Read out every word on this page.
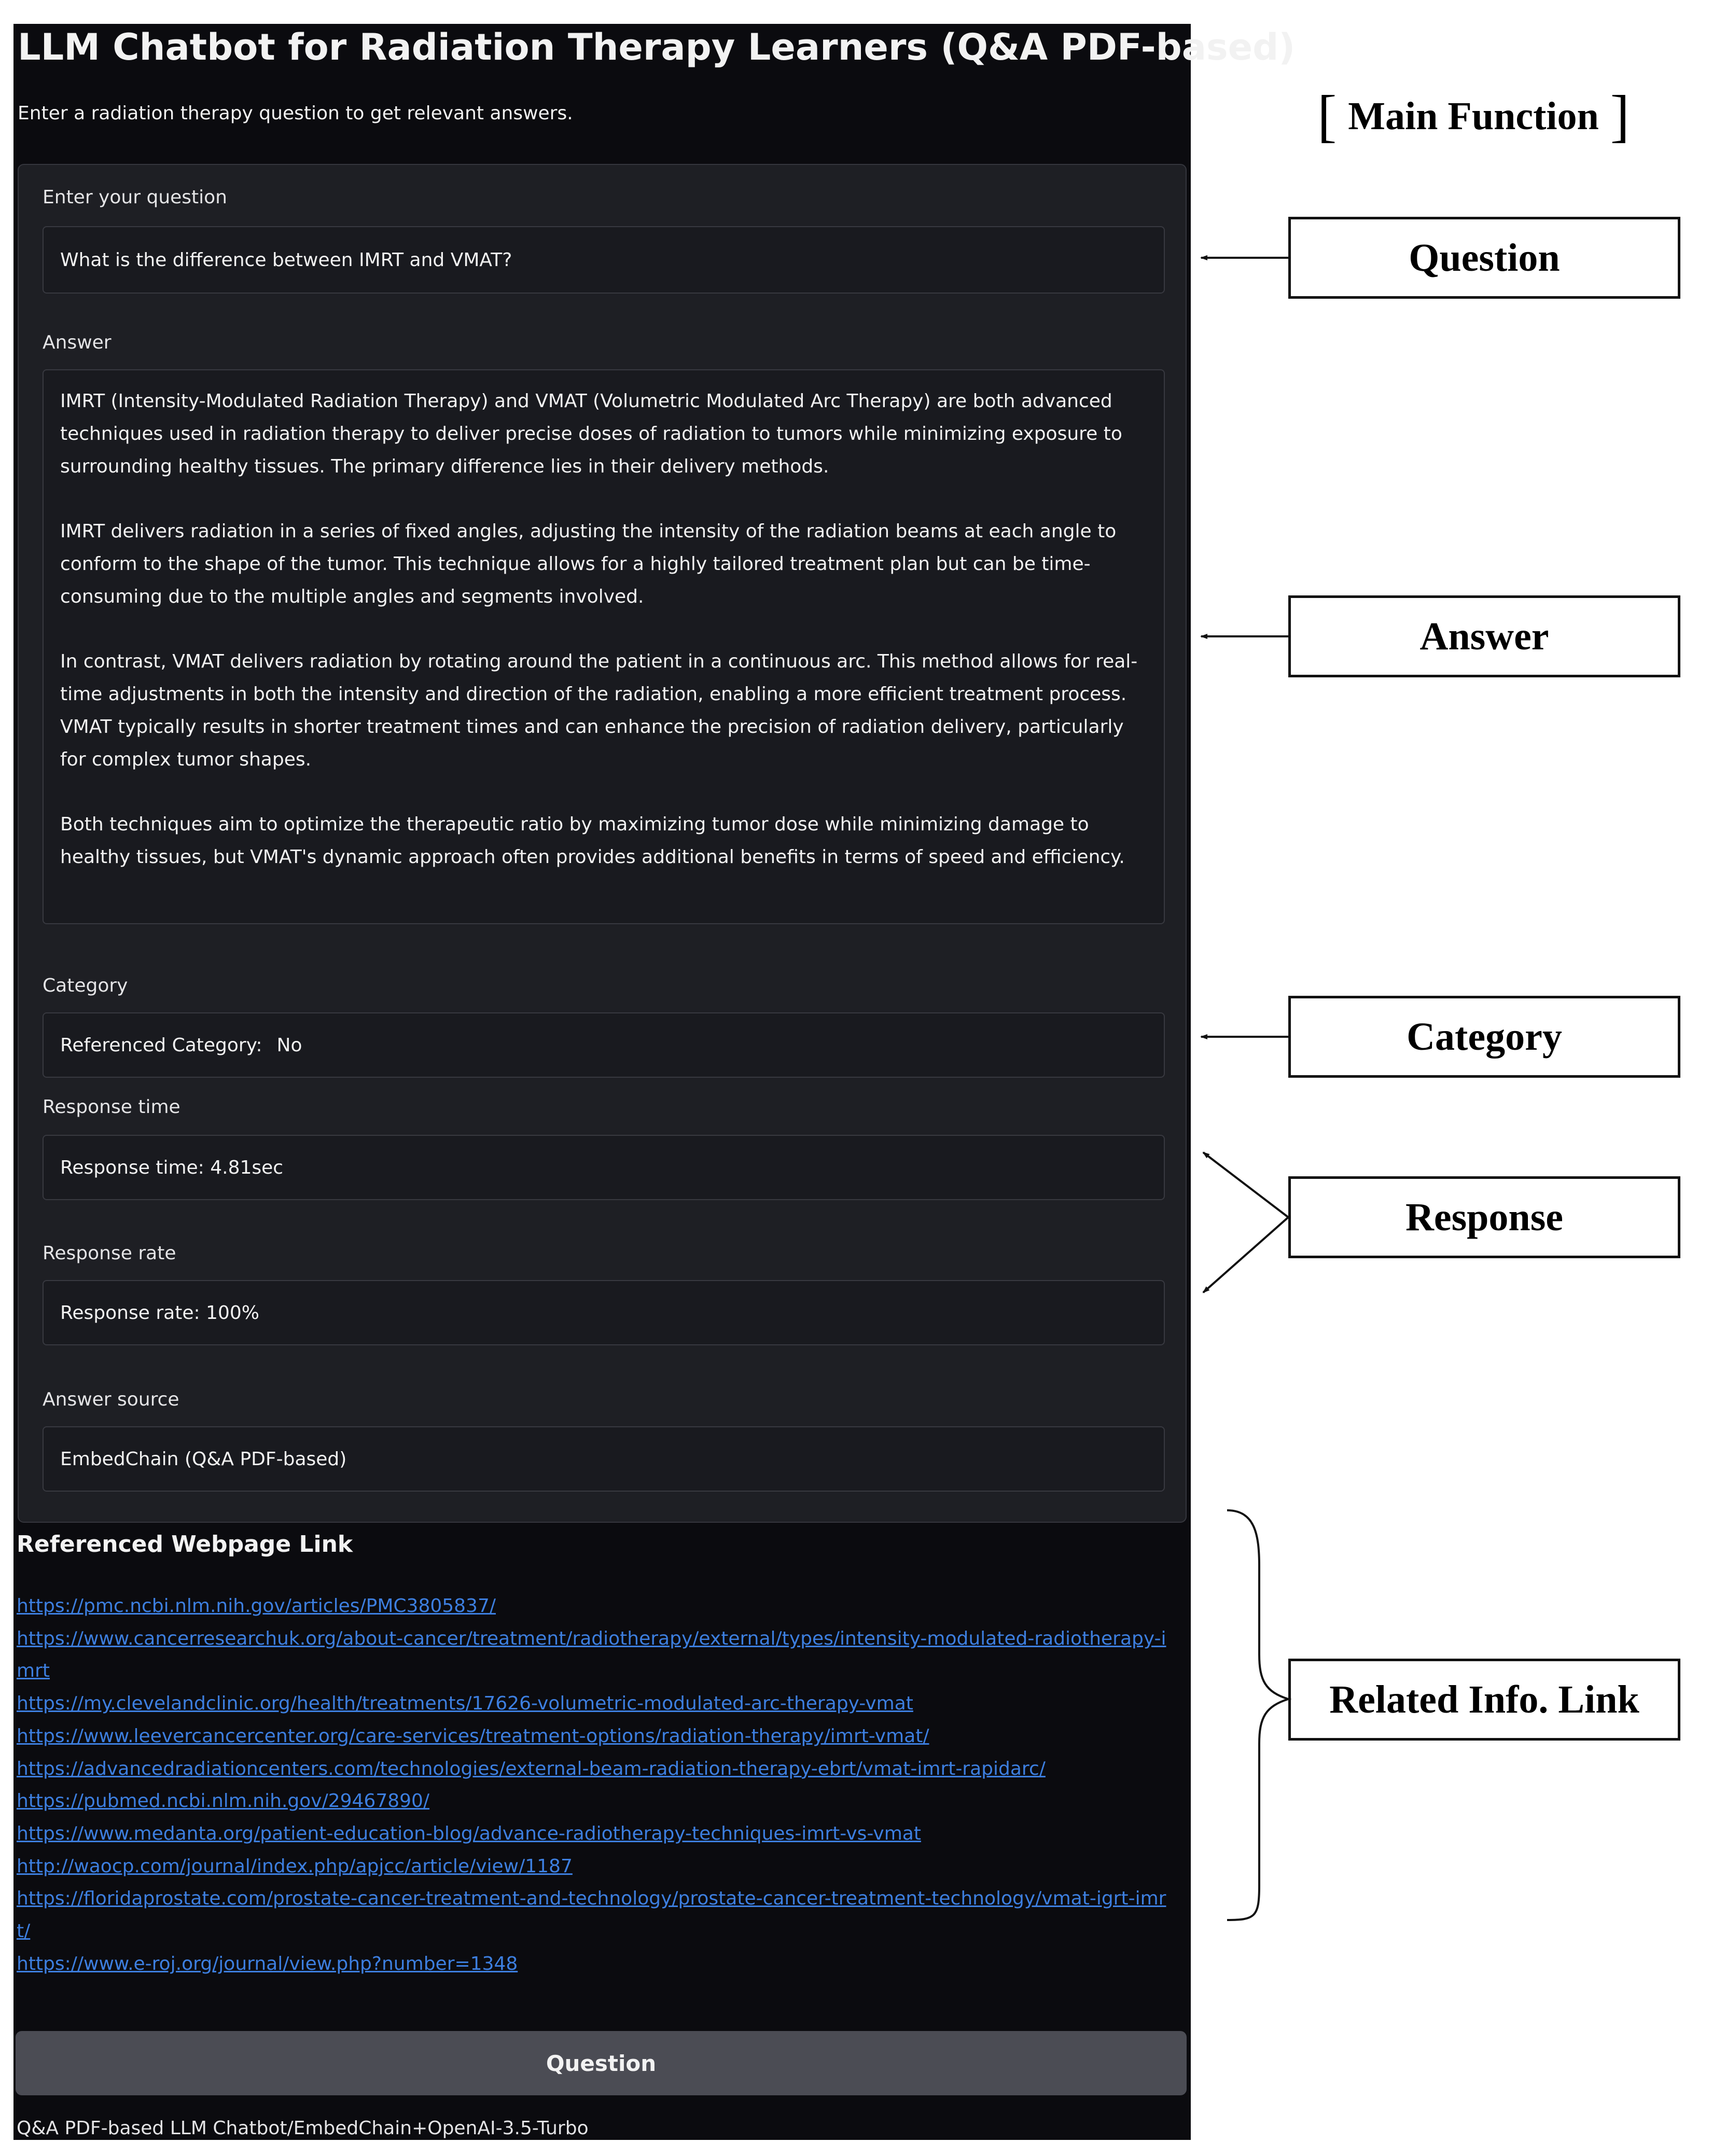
LLM Chatbot for Radiation Therapy Learners (Q&A PDF-based)
Enter a radiation therapy question to get relevant answers.
Enter your question
What is the difference between IMRT and VMAT?
Answer

IMRT (Intensity-Modulated Radiation Therapy) and VMAT (Volumetric Modulated Arc Therapy) are both advanced techniques used in radiation therapy to deliver precise doses of radiation to tumors while minimizing exposure to surrounding healthy tissues. The primary difference lies in their delivery methods.

IMRT delivers radiation in a series of fixed angles, adjusting the intensity of the radiation beams at each angle to conform to the shape of the tumor. This technique allows for a highly tailored treatment plan but can be time-consuming due to the multiple angles and segments involved.

In contrast, VMAT delivers radiation by rotating around the patient in a continuous arc. This method allows for real-time adjustments in both the intensity and direction of the radiation, enabling a more efficient treatment process. VMAT typically results in shorter treatment times and can enhance the precision of radiation delivery, particularly for complex tumor shapes.

Both techniques aim to optimize the therapeutic ratio by maximizing tumor dose while minimizing damage to healthy tissues, but VMAT's dynamic approach often provides additional benefits in terms of speed and efficiency.

Category
Referenced Category: No
Response time
Response time: 4.81sec
Response rate
Response rate: 100%
Answer source
EmbedChain (Q&A PDF-based)
Referenced Webpage Link
https://pmc.ncbi.nlm.nih.gov/articles/PMC3805837/
https://www.cancerresearchuk.org/about-cancer/treatment/radiotherapy/external/types/intensity-modulated-radiotherapy-imrt
https://my.clevelandclinic.org/health/treatments/17626-volumetric-modulated-arc-therapy-vmat
https://www.leevercancercenter.org/care-services/treatment-options/radiation-therapy/imrt-vmat/
https://advancedradiationcenters.com/technologies/external-beam-radiation-therapy-ebrt/vmat-imrt-rapidarc/
https://pubmed.ncbi.nlm.nih.gov/29467890/
https://www.medanta.org/patient-education-blog/advance-radiotherapy-techniques-imrt-vs-vmat
http://waocp.com/journal/index.php/apjcc/article/view/1187
https://floridaprostate.com/prostate-cancer-treatment-and-technology/prostate-cancer-treatment-technology/vmat-igrt-imrt/
https://www.e-roj.org/journal/view.php?number=1348
Question
Q&A PDF-based LLM Chatbot/EmbedChain+OpenAI-3.5-Turbo
[ Main Function ]
Question
Answer
Category
Response
Related Info. Link
